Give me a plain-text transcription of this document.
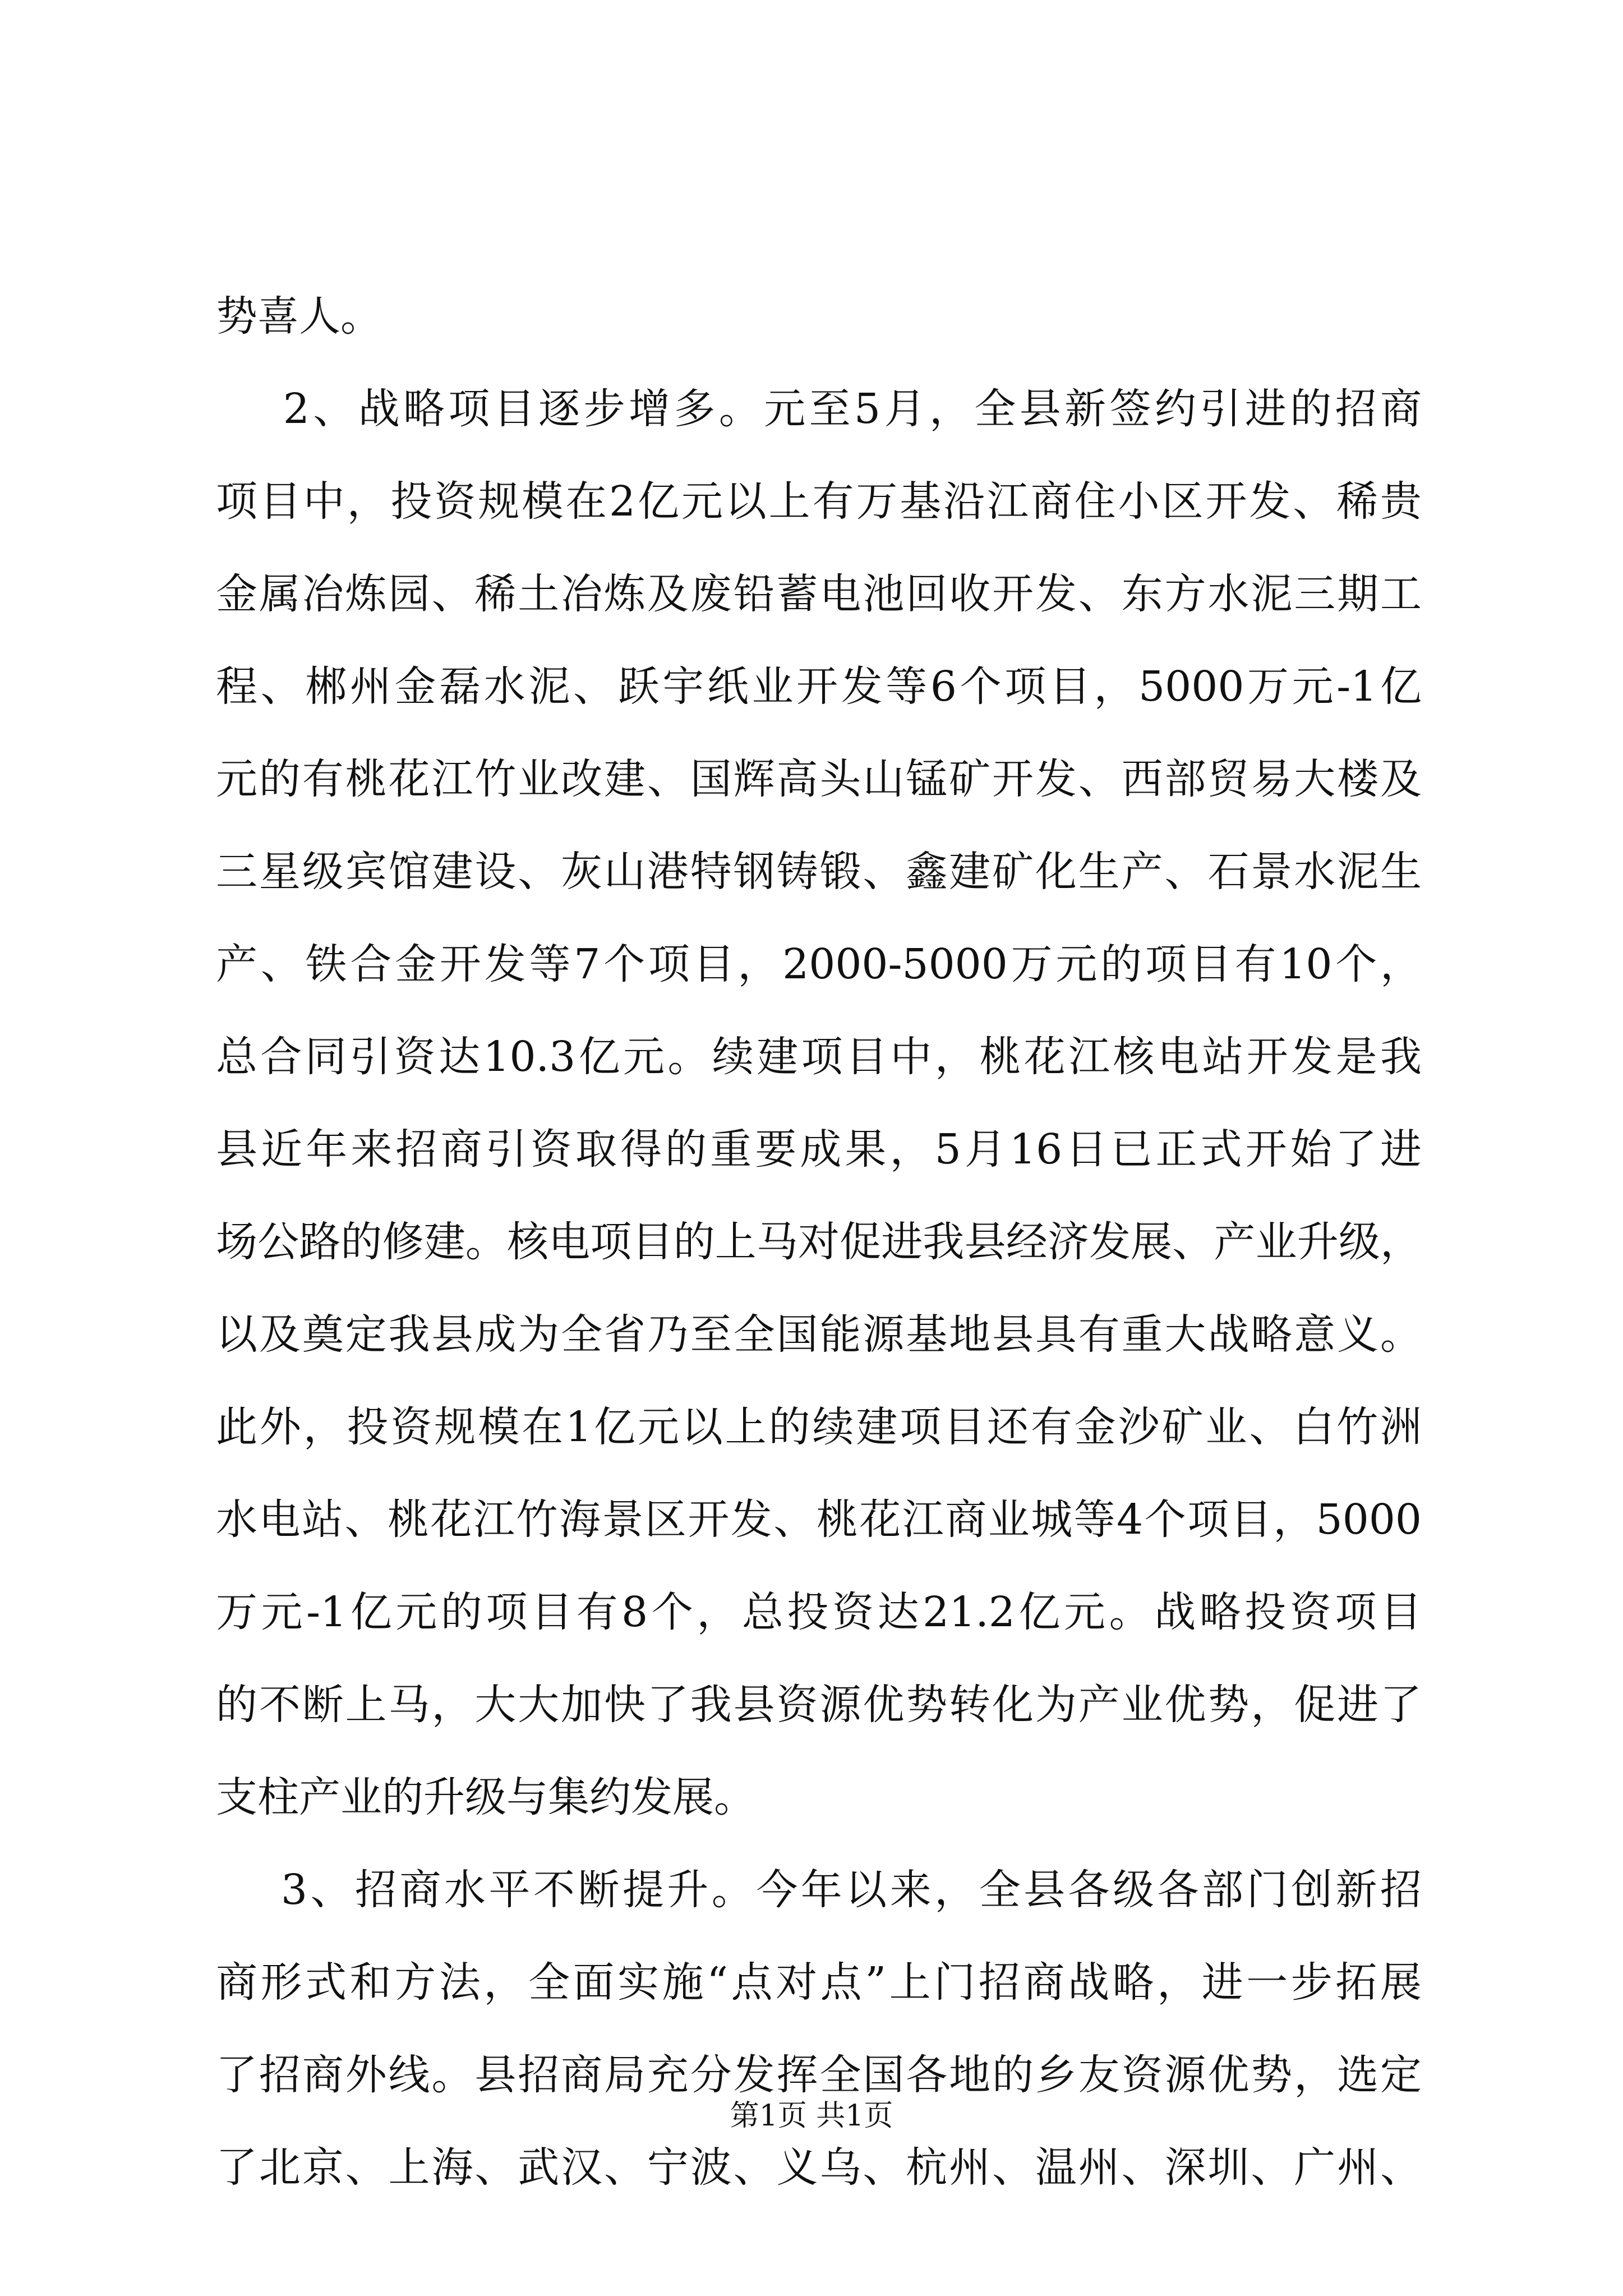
势喜人。
2、战略项目逐步增多。元至5月，全县新签约引进的招商
项目中，投资规模在2亿元以上有万基沿江商住小区开发、稀贵
金属冶炼园、稀土冶炼及废铅蓄电池回收开发、东方水泥三期工
程、郴州金磊水泥、跃宇纸业开发等6个项目，5000万元-1亿
元的有桃花江竹业改建、国辉高头山锰矿开发、西部贸易大楼及
三星级宾馆建设、灰山港特钢铸锻、鑫建矿化生产、石景水泥生
产、铁合金开发等7个项目，2000-5000万元的项目有10个，
总合同引资达10.3亿元。续建项目中，桃花江核电站开发是我
县近年来招商引资取得的重要成果，5月16日已正式开始了进
场公路的修建。核电项目的上马对促进我县经济发展、产业升级，
以及奠定我县成为全省乃至全国能源基地县具有重大战略意义。
此外，投资规模在1亿元以上的续建项目还有金沙矿业、白竹洲
水电站、桃花江竹海景区开发、桃花江商业城等4个项目，5000
万元-1亿元的项目有8个，总投资达21.2亿元。战略投资项目
的不断上马，大大加快了我县资源优势转化为产业优势，促进了
支柱产业的升级与集约发展。
3、招商水平不断提升。今年以来，全县各级各部门创新招
商形式和方法，全面实施“点对点”上门招商战略，进一步拓展
了招商外线。县招商局充分发挥全国各地的乡友资源优势，选定
了北京、上海、武汉、宁波、义乌、杭州、温州、深圳、广州、
第1页 共1页
